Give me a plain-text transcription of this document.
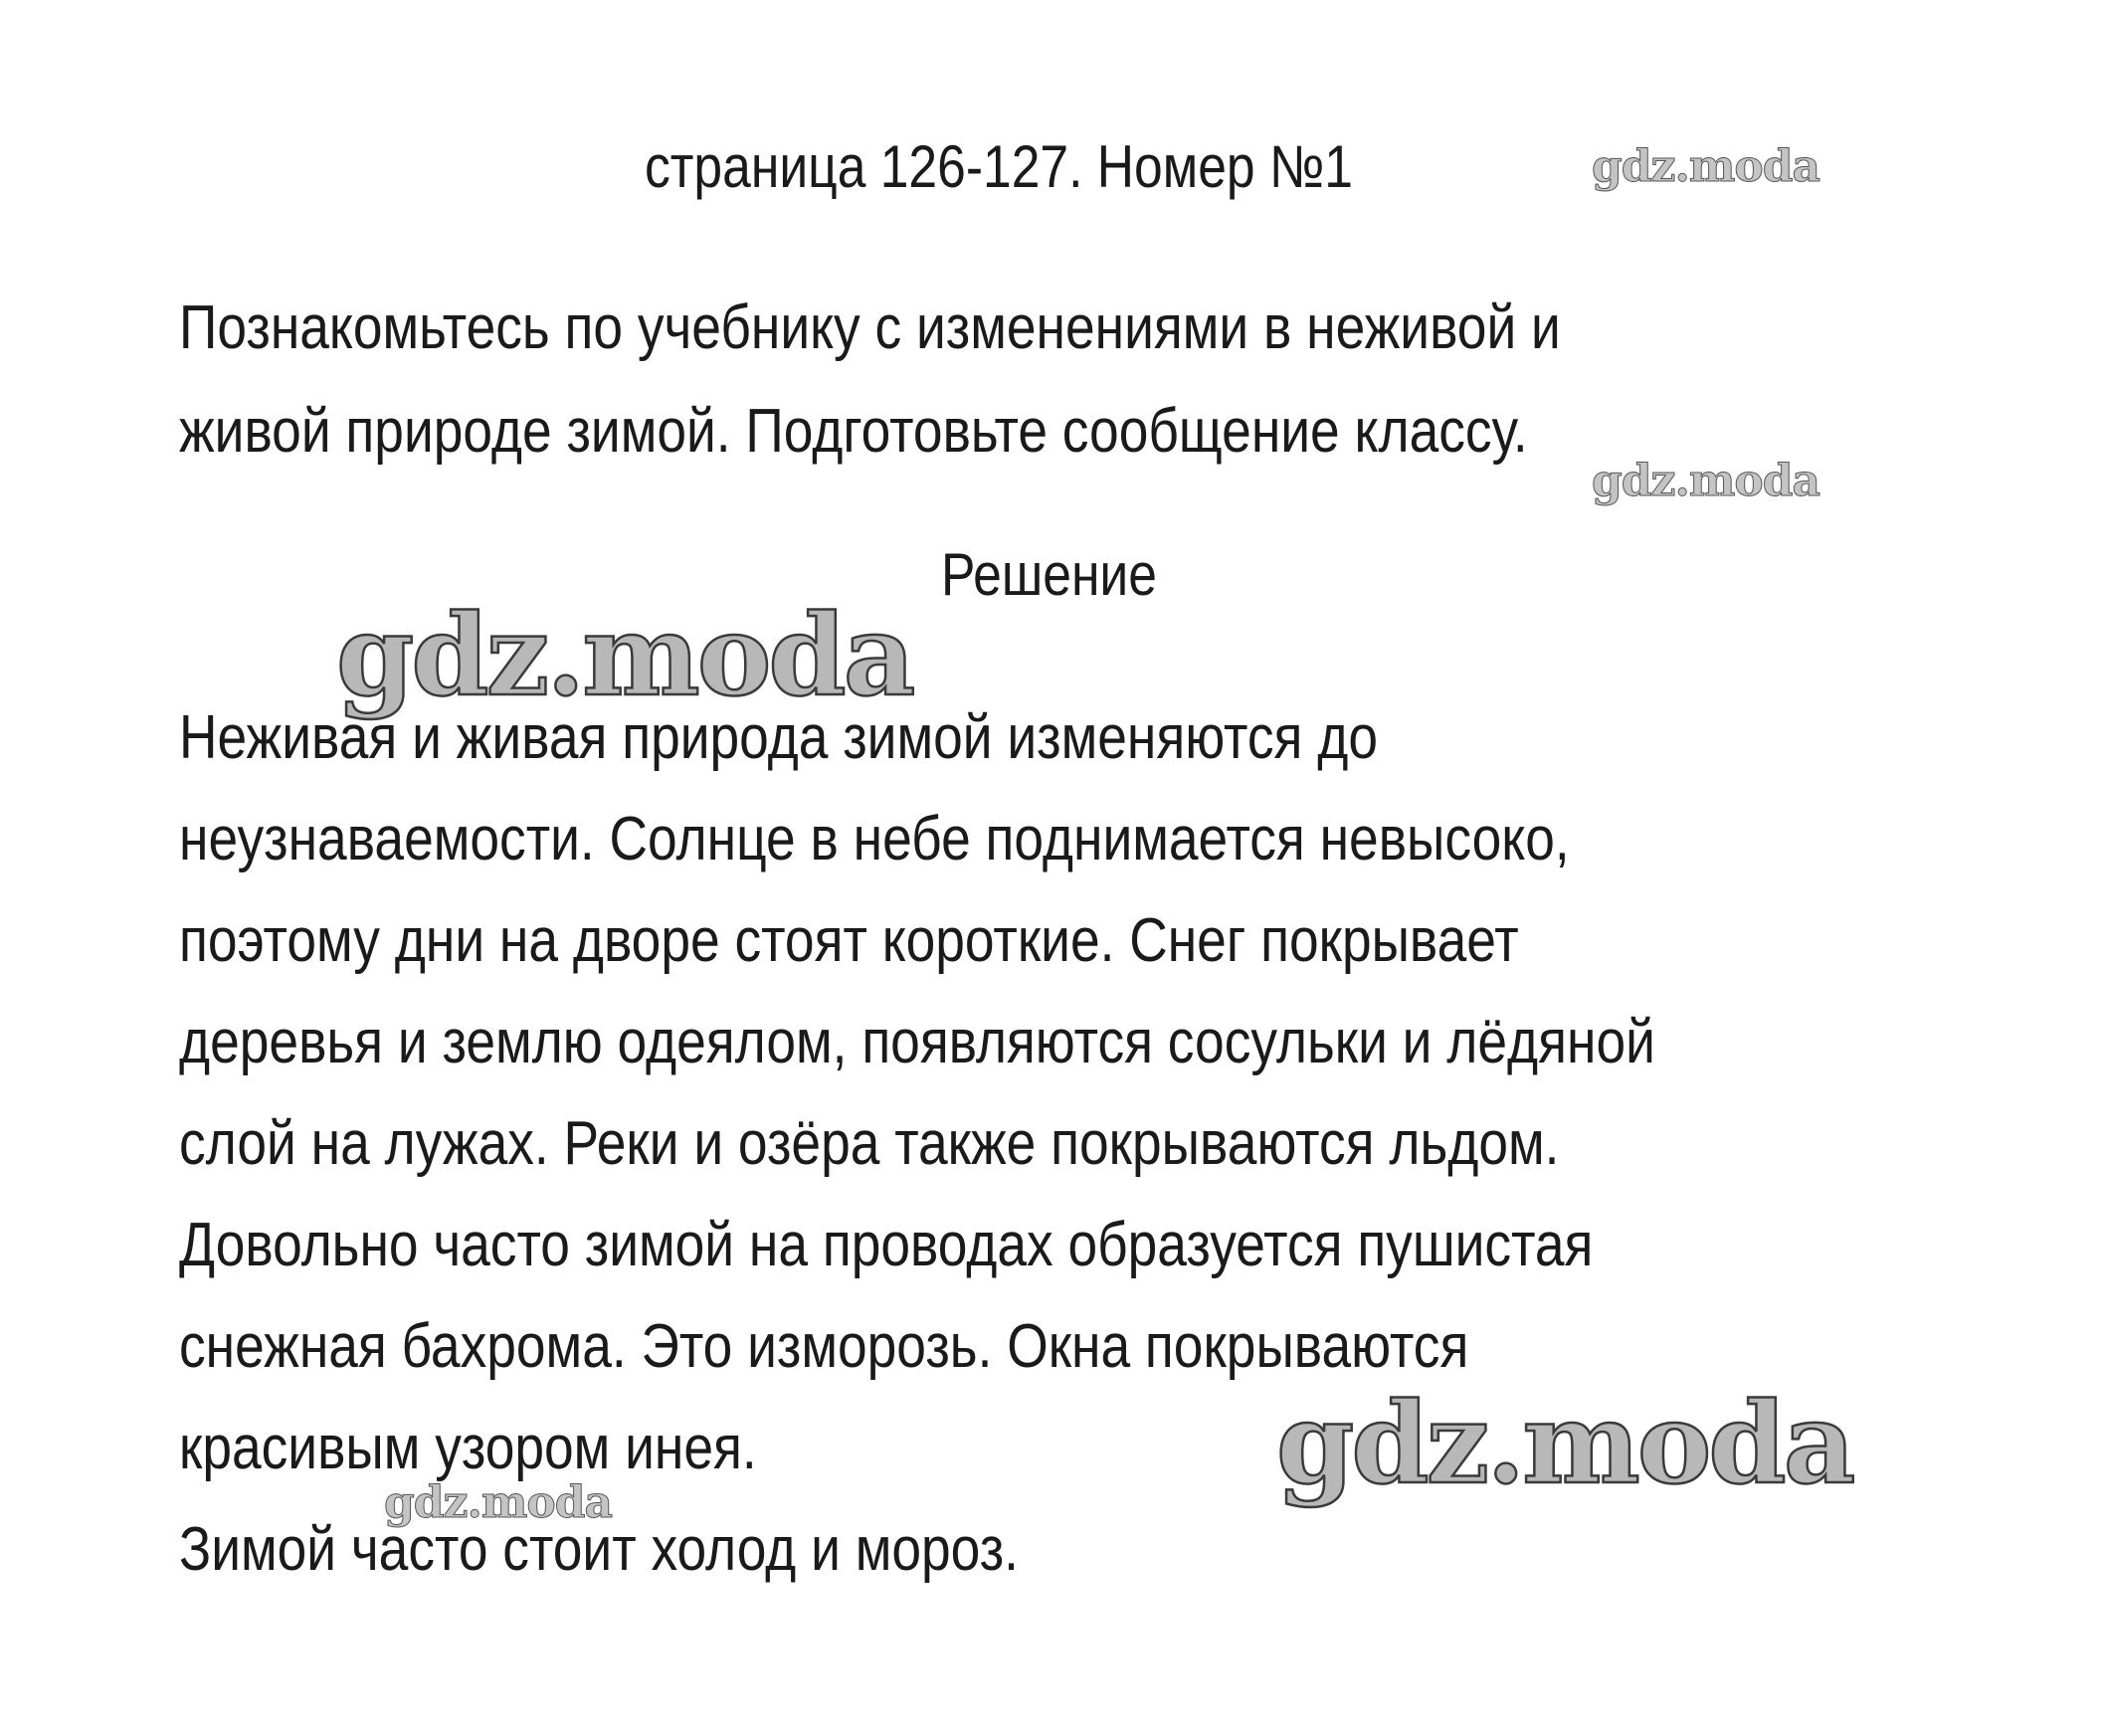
страница 126-127. Номер №1
Познакомьтесь по учебнику с изменениями в неживой и
живой природе зимой. Подготовьте сообщение классу.
Решение
Неживая и живая природа зимой изменяются до
неузнаваемости. Солнце в небе поднимается невысоко,
поэтому дни на дворе стоят короткие. Снег покрывает
деревья и землю одеялом, появляются сосульки и лёдяной
слой на лужах. Реки и озёра также покрываются льдом.
Довольно часто зимой на проводах образуется пушистая
снежная бахрома. Это изморозь. Окна покрываются
красивым узором инея.
Зимой часто стоит холод и мороз.
gdz.moda
gdz.moda
gdz.moda
gdz.moda
gdz.moda
